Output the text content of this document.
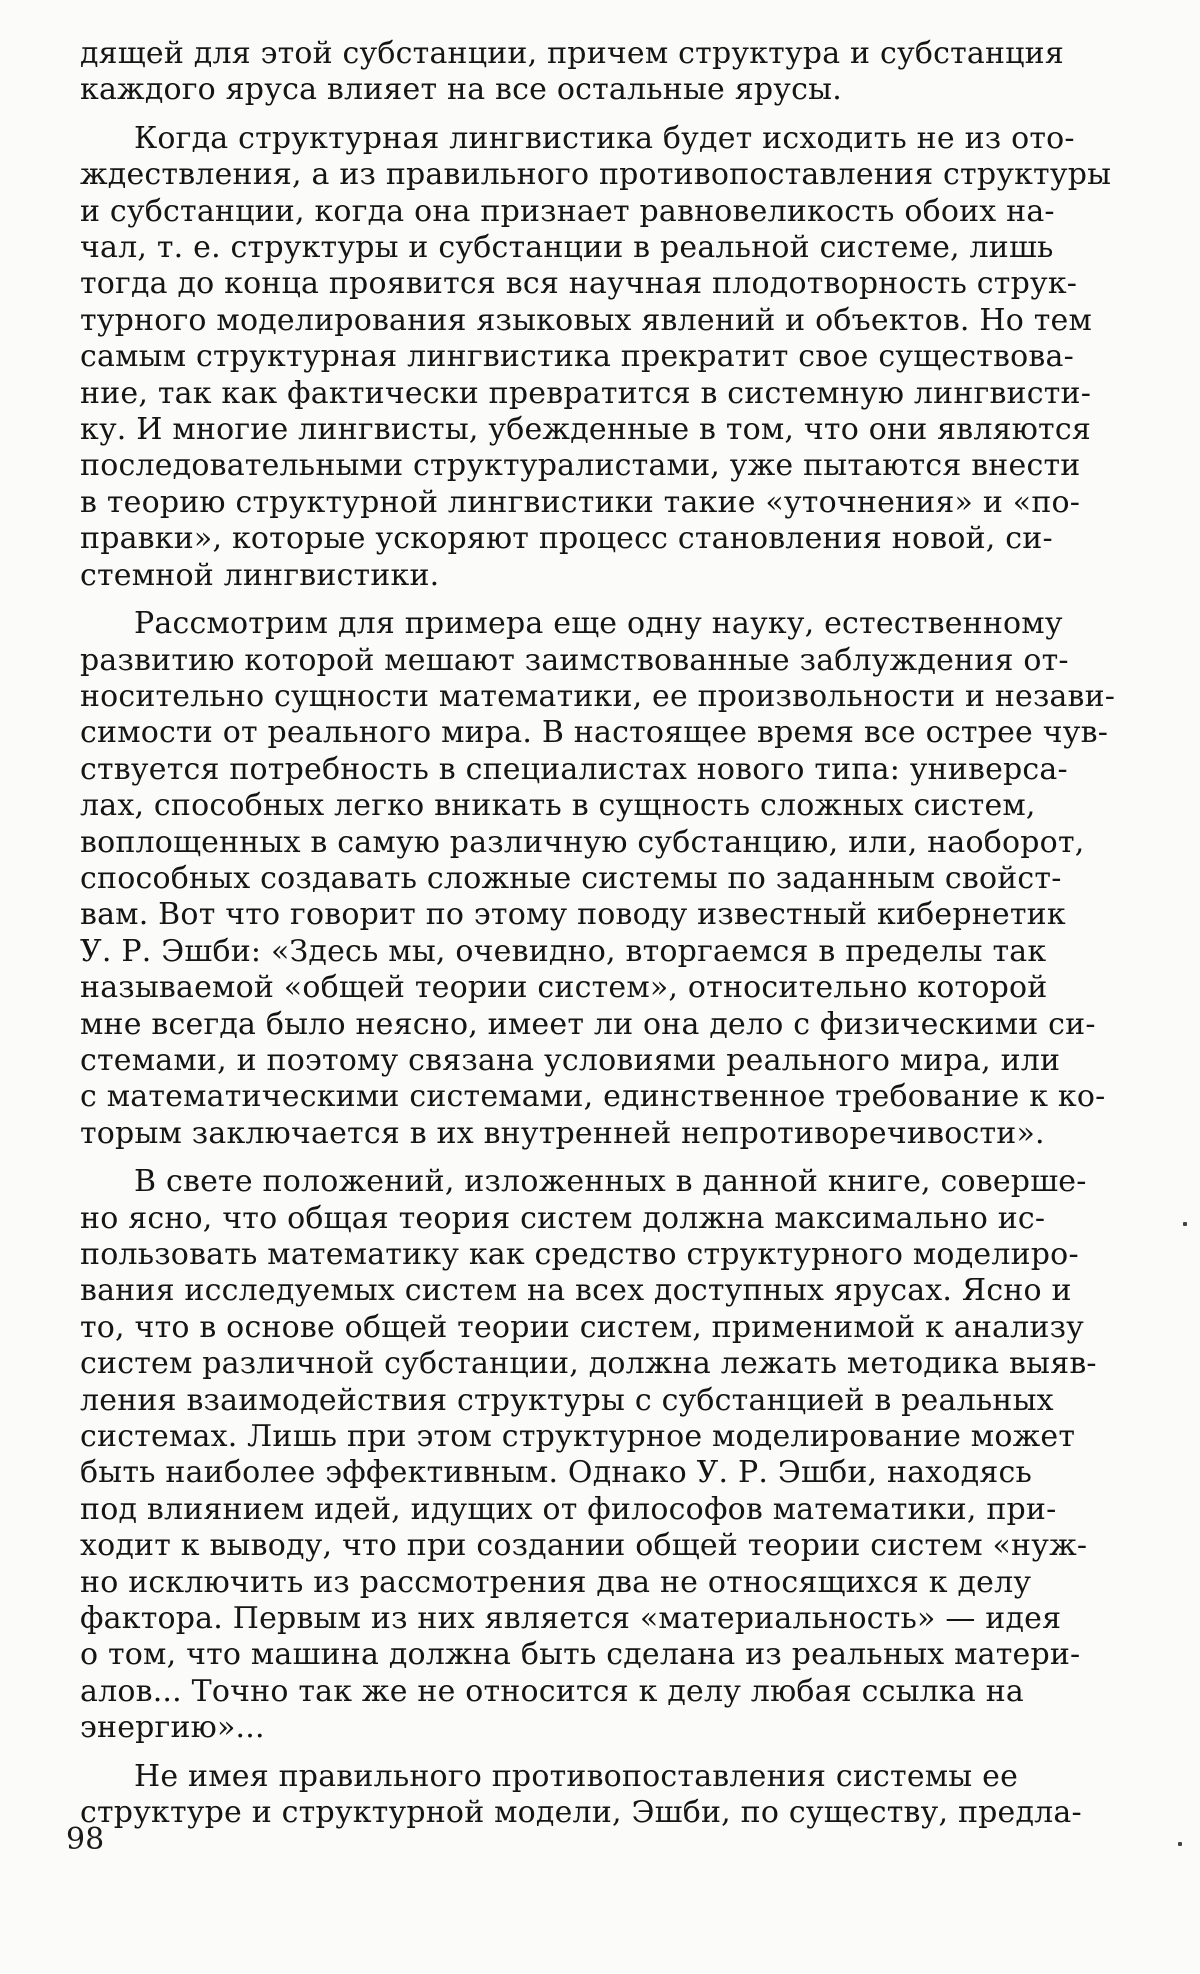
дящей для этой субстанции, причем структура и субстанция
каждого яруса влияет на все остальные ярусы.

Когда структурная лингвистика будет исходить не из ото-
ждествления, а из правильного противопоставления структуры
и субстанции, когда она признает равновеликость обоих на-
чал, т. е. структуры и субстанции в реальной системе, лишь
тогда до конца проявится вся научная плодотворность струк-
турного моделирования языковых явлений и объектов. Но тем
самым структурная лингвистика прекратит свое существова-
ние, так как фактически превратится в системную лингвисти-
ку. И многие лингвисты, убежденные в том, что они являются
последовательными структуралистами, уже пытаются внести
в теорию структурной лингвистики такие «уточнения» и «по-
правки», которые ускоряют процесс становления новой, си-
стемной лингвистики.

Рассмотрим для примера еще одну науку, естественному
развитию которой мешают заимствованные заблуждения от-
носительно сущности математики, ее произвольности и незави-
симости от реального мира. В настоящее время все острее чув-
ствуется потребность в специалистах нового типа: универса-
лах, способных легко вникать в сущность сложных систем,
воплощенных в самую различную субстанцию, или, наоборот,
способных создавать сложные системы по заданным свойст-
вам. Вот что говорит по этому поводу известный кибернетик
У. Р. Эшби: «Здесь мы, очевидно, вторгаемся в пределы так
называемой «общей теории систем», относительно которой
мне всегда было неясно, имеет ли она дело с физическими си-
стемами, и поэтому связана условиями реального мира, или
с математическими системами, единственное требование к ко-
торым заключается в их внутренней непротиворечивости».

В свете положений, изложенных в данной книге, соверше-
но ясно, что общая теория систем должна максимально ис-
пользовать математику как средство структурного моделиро-
вания исследуемых систем на всех доступных ярусах. Ясно и
то, что в основе общей теории систем, применимой к анализу
систем различной субстанции, должна лежать методика выяв-
ления взаимодействия структуры с субстанцией в реальных
системах. Лишь при этом структурное моделирование может
быть наиболее эффективным. Однако У. Р. Эшби, находясь
под влиянием идей, идущих от философов математики, при-
ходит к выводу, что при создании общей теории систем «нуж-
но исключить из рассмотрения два не относящихся к делу
фактора. Первым из них является «материальность» — идея
о том, что машина должна быть сделана из реальных матери-
алов... Точно так же не относится к делу любая ссылка на
энергию»...

Не имея правильного противопоставления системы ее
структуре и структурной модели, Эшби, по существу, предла-

98
